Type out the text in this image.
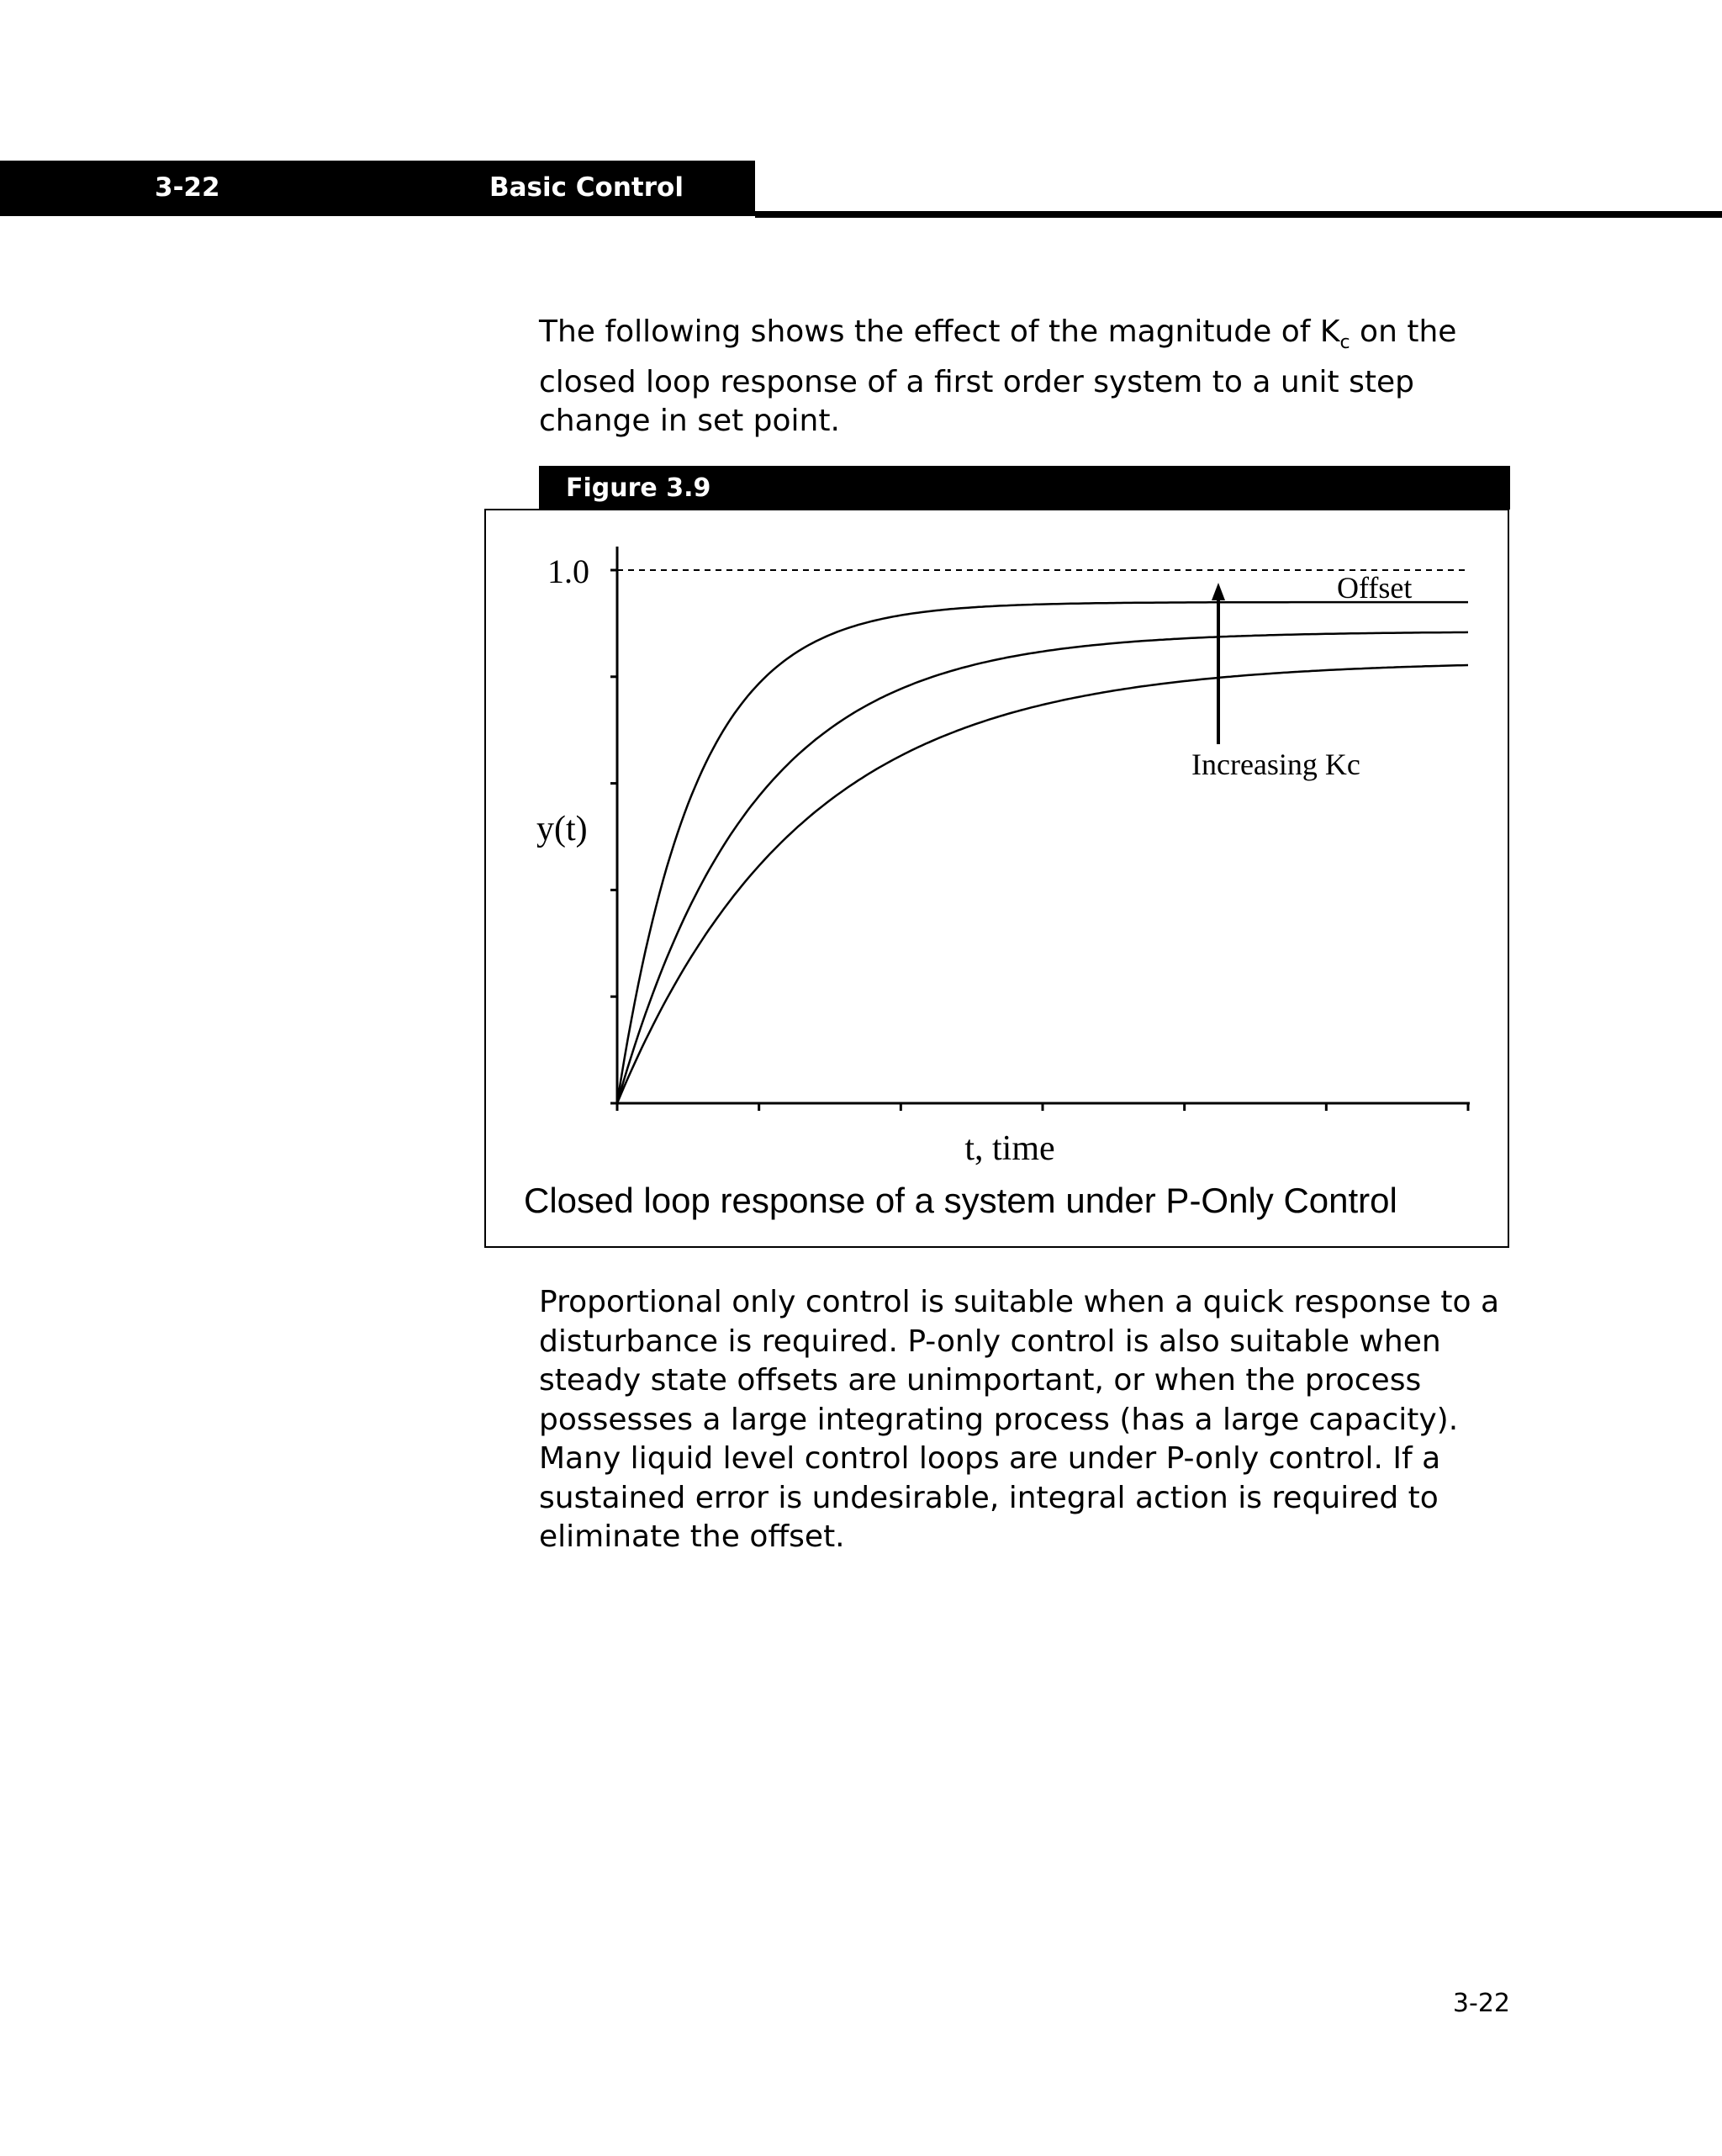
3-22	Basic Control
The following shows the effect of the magnitude of $K_c$ on the
closed loop response of a first order system to a unit step
change in set point.
Figure 3.9
1.0
y(t)
t, time
Offset
Increasing Kc
Closed loop response of a system under P-Only Control
Proportional only control is suitable when a quick response to a
disturbance is required. P-only control is also suitable when
steady state offsets are unimportant, or when the process
possesses a large integrating process (has a large capacity).
Many liquid level control loops are under P-only control. If a
sustained error is undesirable, integral action is required to
eliminate the offset.
3-22
